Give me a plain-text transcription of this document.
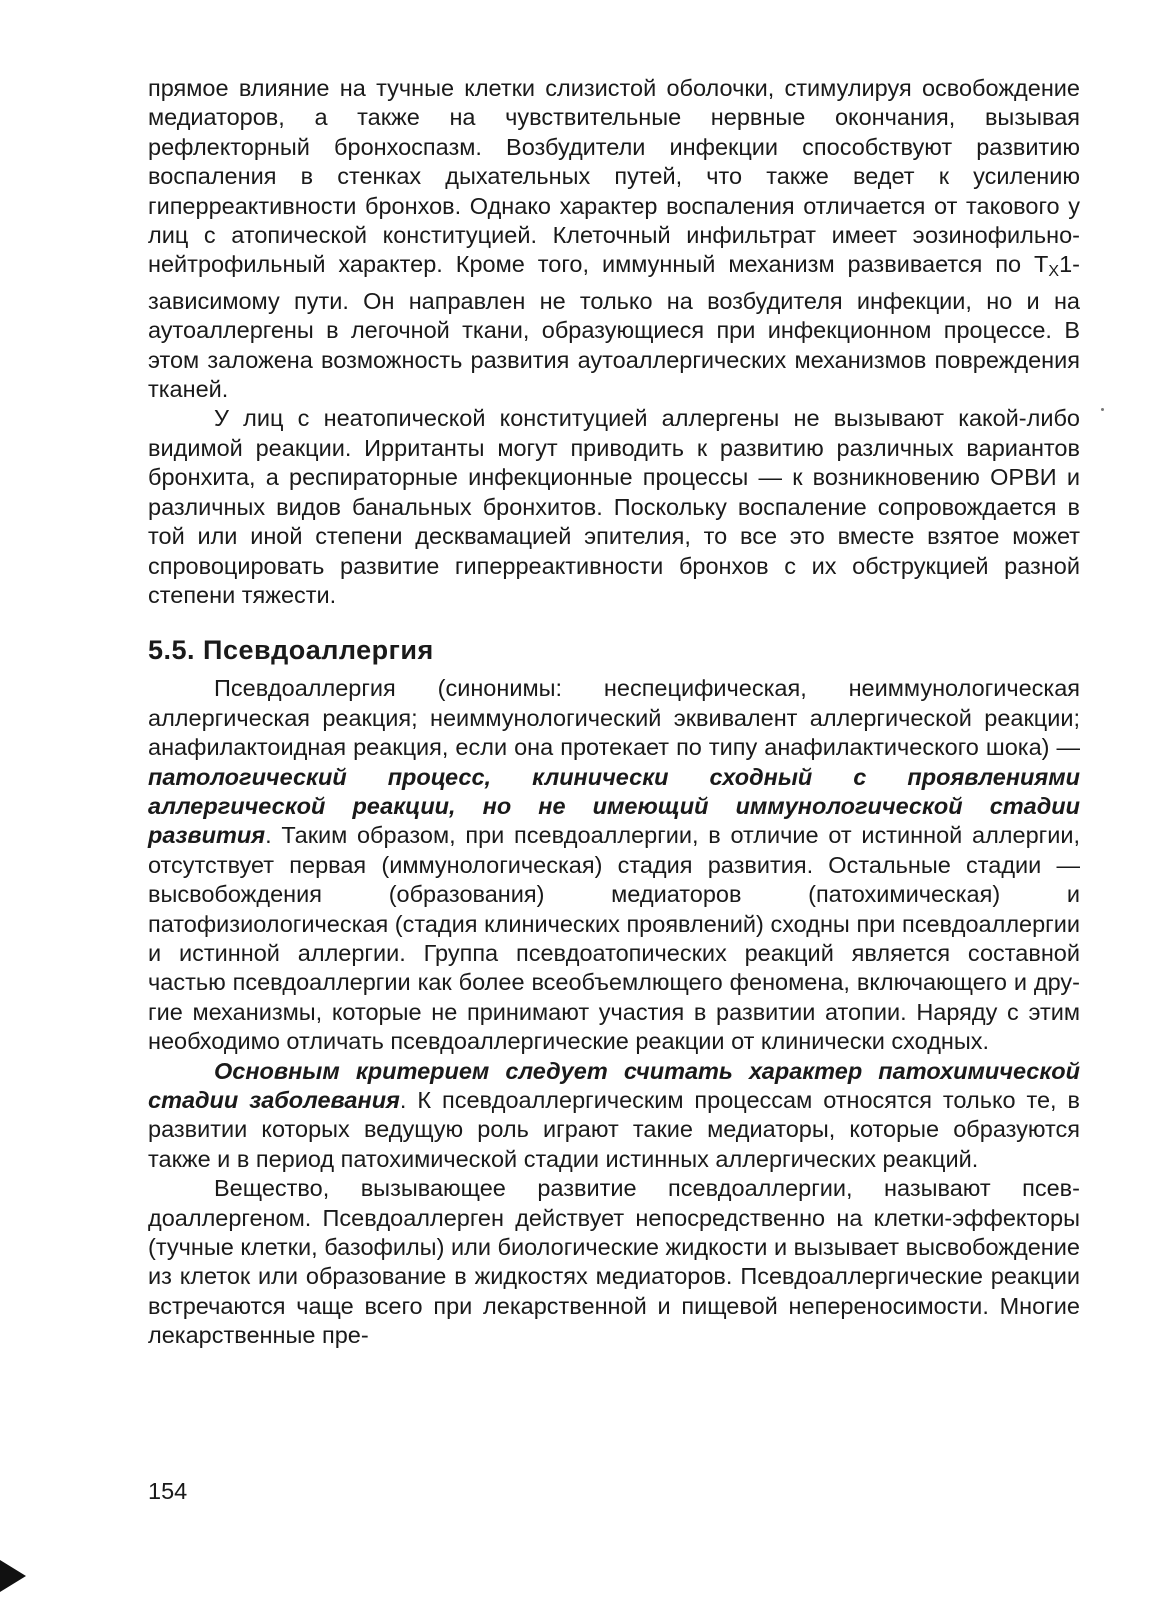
прямое влияние на тучные клетки слизистой оболочки, стимулируя освобождение медиаторов, а также на чувствительные нервные окончания, вызывая рефлекторный бронхоспазм. Возбудители инфекции способствуют развитию воспаления в стенках дыхательных путей, что также ведет к усилению гиперреактивности бронхов. Однако характер воспаления отличается от такового у лиц с атопической конституцией. Клеточный инфильтрат имеет эозинофильно-нейтрофильный характер. Кроме того, иммунный механизм развивается по $Т_Х1$-зависимому пути. Он направлен не только на возбудителя инфекции, но и на аутоаллергены в легочной ткани, образующиеся при инфекционном процессе. В этом заложена возможность развития аутоаллергических механизмов повреждения тканей.

У лиц с неатопической конституцией аллергены не вызывают какой-либо видимой реакции. Ирританты могут приводить к развитию различных вариантов бронхита, а респираторные инфекционные процессы — к возникновению ОРВИ и различных видов банальных бронхитов. Поскольку воспаление сопровождается в той или иной степени десквамацией эпителия, то все это вместе взятое может спровоцировать развитие гиперреактивности бронхов с их обструкцией разной степени тяжести.

5.5. Псевдоаллергия

Псевдоаллергия (синонимы: неспецифическая, неиммунологическая аллергическая реакция; неиммунологический эквивалент аллергической реакции; анафилактоидная реакция, если она протекает по типу анафилактического шока) — патологический процесс, клинически сходный с проявлениями аллергической реакции, но не имеющий иммунологической стадии развития. Таким образом, при псевдоаллергии, в отличие от истинной аллергии, отсутствует первая (иммунологическая) стадия развития. Остальные стадии — высвобождения (образования) медиаторов (патохимическая) и патофизиологическая (стадия клинических проявлений) сходны при псевдоаллергии и истинной аллергии. Группа псевдоатопических реакций является составной частью псевдоаллергии как более всеобъемлющего феномена, включающего и другие механизмы, которые не принимают участия в развитии атопии. Наряду с этим необходимо отличать псевдоаллергические реакции от клинически сходных.

Основным критерием следует считать характер патохимической стадии заболевания. К псевдоаллергическим процессам относятся только те, в развитии которых ведущую роль играют такие медиаторы, которые образуются также и в период патохимической стадии истинных аллергических реакций.

Вещество, вызывающее развитие псевдоаллергии, называют псевдоаллергеном. Псевдоаллерген действует непосредственно на клетки-эффекторы (тучные клетки, базофилы) или биологические жидкости и вызывает высвобождение из клеток или образование в жидкостях медиаторов. Псевдоаллергические реакции встречаются чаще всего при лекарственной и пищевой непереносимости. Многие лекарственные пре-

154
